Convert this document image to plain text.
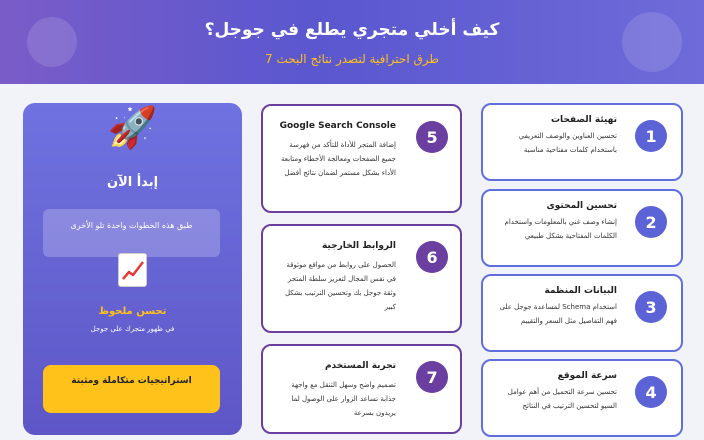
كيف أخلي متجري يطلع في جوجل؟
طرق احترافية لتصدر نتائج البحث 7
1
تهيئة الصفحات
تحسين العناوين والوصف التعريفي باستخدام كلمات مفتاحية مناسبة
2
تحسين المحتوى
إنشاء وصف غني بالمعلومات واستخدام الكلمات المفتاحية بشكل طبيعي
3
البيانات المنظمة
استخدام Schema لمساعدة جوجل على فهم التفاصيل مثل السعر والتقييم
4
سرعة الموقع
تحسين سرعة التحميل من أهم عوامل السيو لتحسين الترتيب في النتائج
5
Google Search Console
إضافة المتجر للأداة للتأكد من فهرسة جميع الصفحات ومعالجة الأخطاء ومتابعة الأداء بشكل مستمر لضمان نتائج أفضل
6
الروابط الخارجية
الحصول على روابط من مواقع موثوقة في نفس المجال لتعزيز سلطة المتجر وثقة جوجل بك وتحسين الترتيب بشكل كبير
7
تجربة المستخدم
تصميم واضح وسهل التنقل مع واجهة جذابة تساعد الزوار على الوصول لما يريدون بسرعة
🚀
إبدأ الآن
طبق هذه الخطوات واحدة تلو الأخرى
تحسن ملحوظ
في ظهور متجرك على جوجل
استراتيجيات متكاملة ومثبتة
